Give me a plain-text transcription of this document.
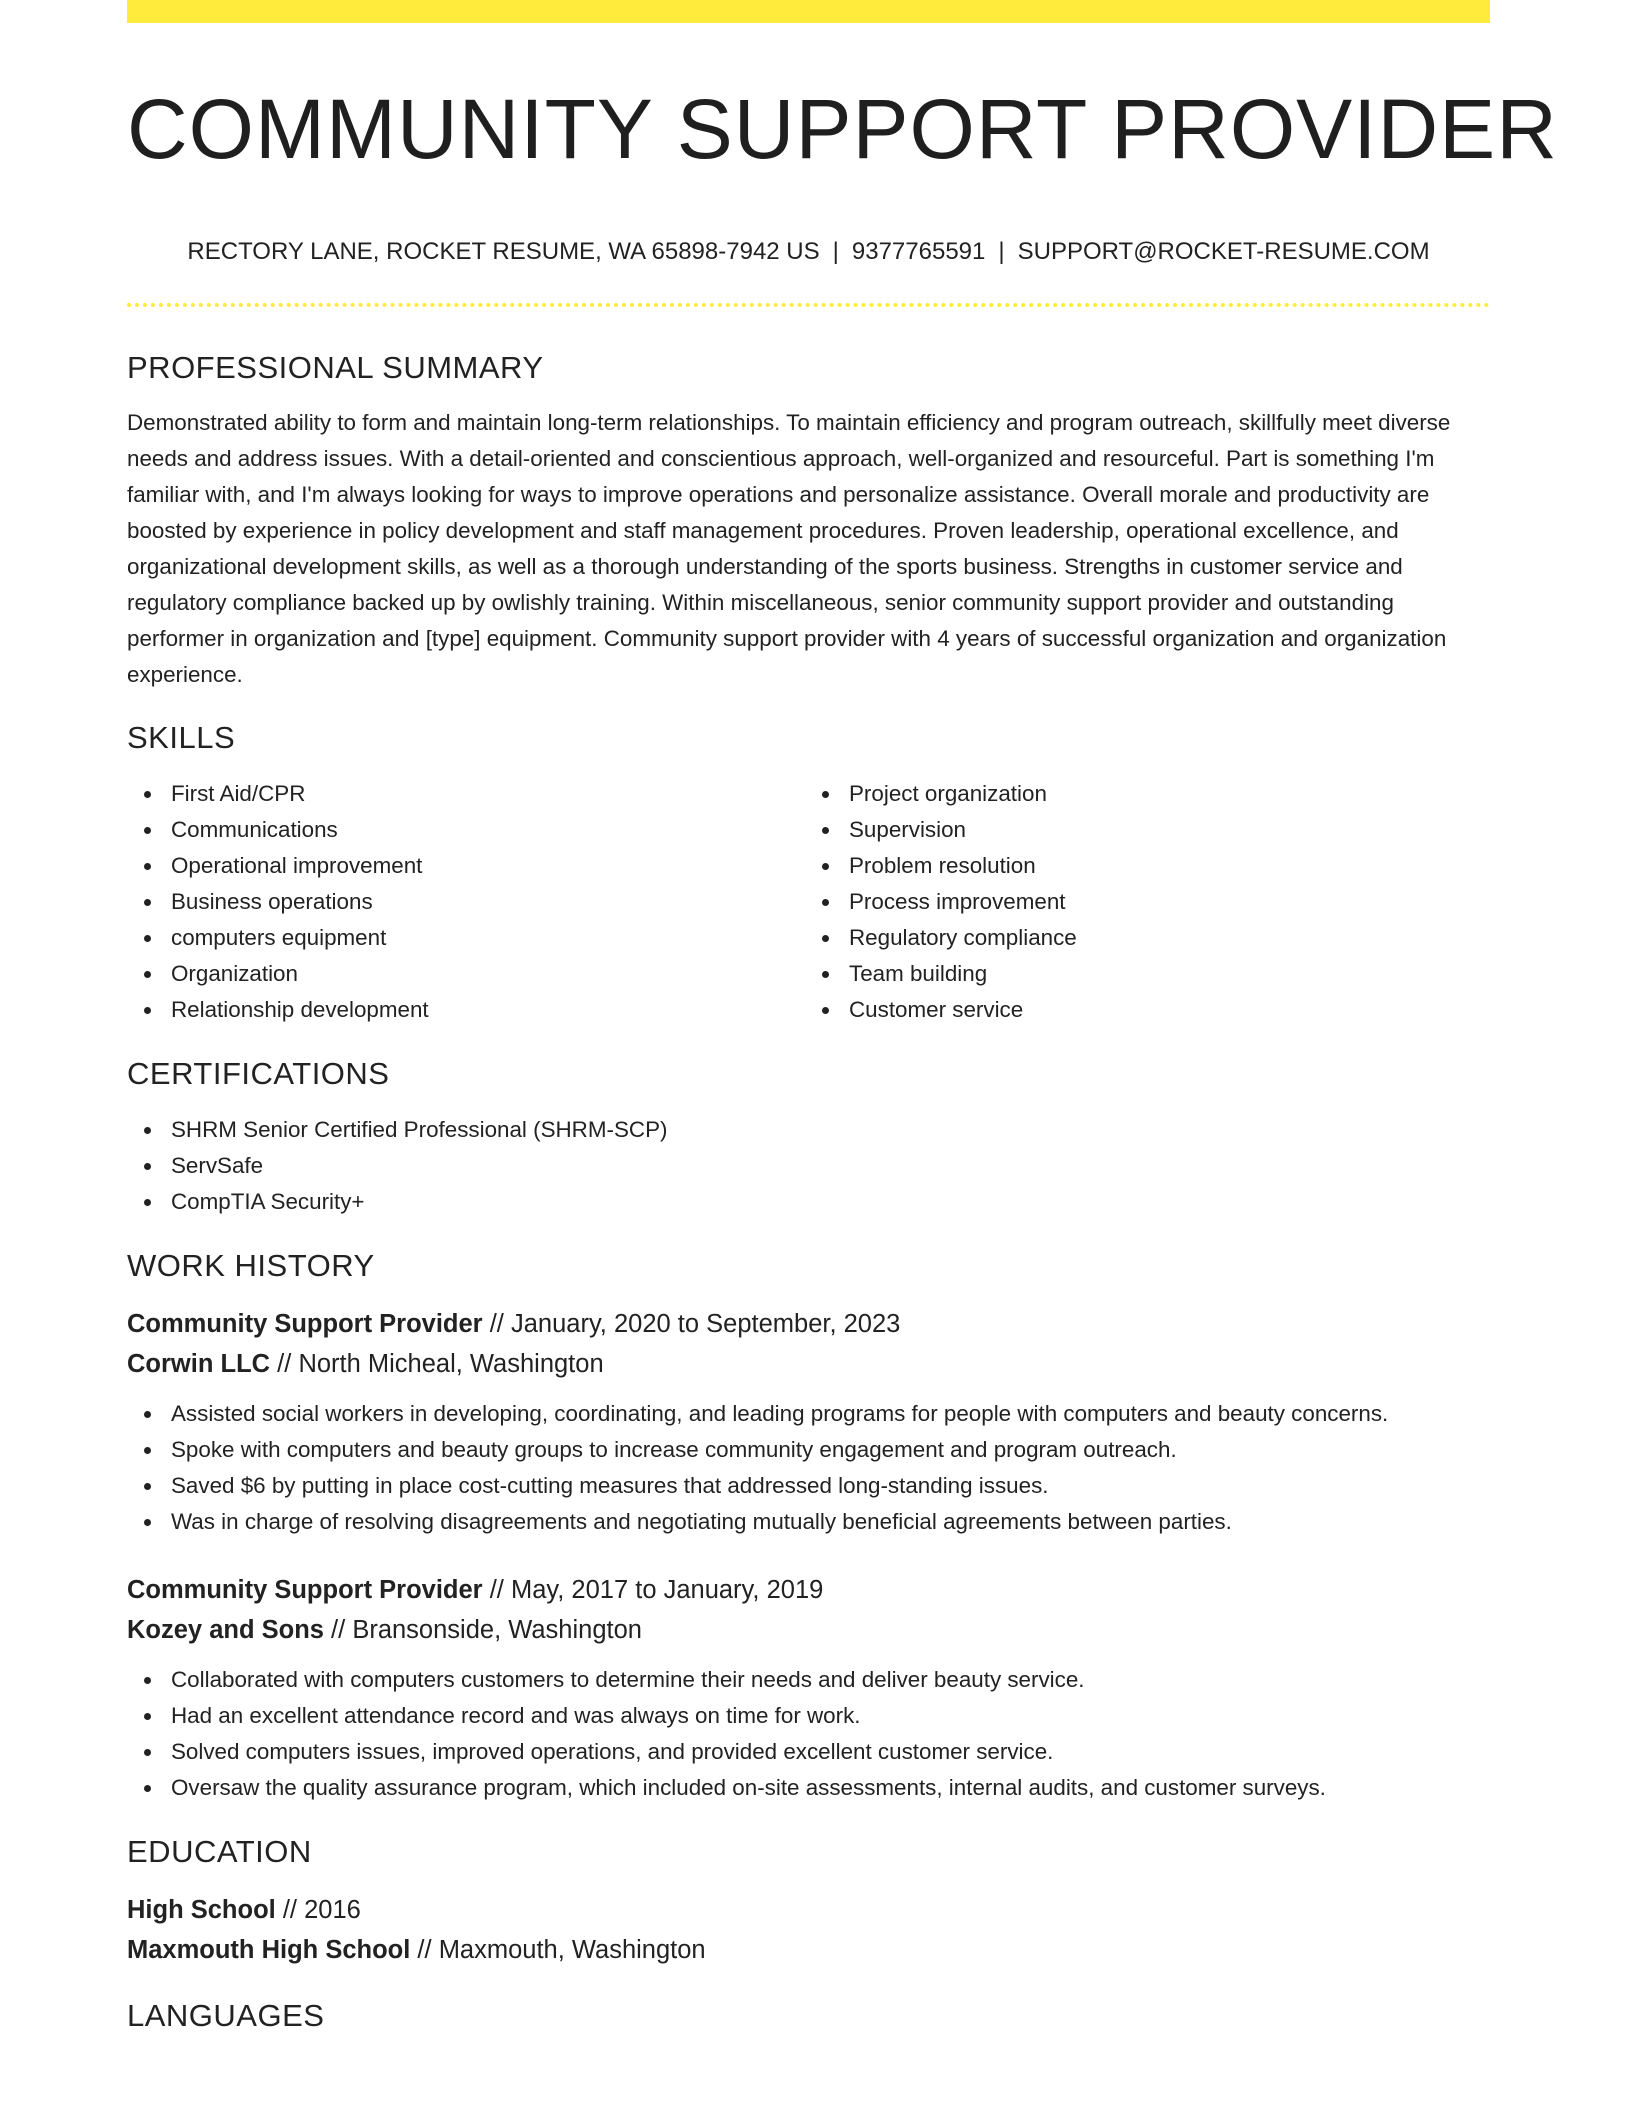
COMMUNITY SUPPORT PROVIDER
RECTORY LANE, ROCKET RESUME, WA 65898-7942 US | 9377765591 | SUPPORT@ROCKET-RESUME.COM
PROFESSIONAL SUMMARY

Demonstrated ability to form and maintain long-term relationships. To maintain efficiency and program outreach, skillfully meet diverse needs and address issues. With a detail-oriented and conscientious approach, well-organized and resourceful. Part is something I'm familiar with, and I'm always looking for ways to improve operations and personalize assistance. Overall morale and productivity are boosted by experience in policy development and staff management procedures. Proven leadership, operational excellence, and organizational development skills, as well as a thorough understanding of the sports business. Strengths in customer service and regulatory compliance backed up by owlishly training. Within miscellaneous, senior community support provider and outstanding performer in organization and [type] equipment. Community support provider with 4 years of successful organization and organization experience.

SKILLS
First Aid/CPR
Communications
Operational improvement
Business operations
computers equipment
Organization
Relationship development
Project organization
Supervision
Problem resolution
Process improvement
Regulatory compliance
Team building
Customer service
CERTIFICATIONS
SHRM Senior Certified Professional (SHRM-SCP)
ServSafe
CompTIA Security+
WORK HISTORY
Community Support Provider // January, 2020 to September, 2023
Corwin LLC // North Micheal, Washington
Assisted social workers in developing, coordinating, and leading programs for people with computers and beauty concerns.
Spoke with computers and beauty groups to increase community engagement and program outreach.
Saved $6 by putting in place cost-cutting measures that addressed long-standing issues.
Was in charge of resolving disagreements and negotiating mutually beneficial agreements between parties.
Community Support Provider // May, 2017 to January, 2019
Kozey and Sons // Bransonside, Washington
Collaborated with computers customers to determine their needs and deliver beauty service.
Had an excellent attendance record and was always on time for work.
Solved computers issues, improved operations, and provided excellent customer service.
Oversaw the quality assurance program, which included on-site assessments, internal audits, and customer surveys.
EDUCATION
High School // 2016
Maxmouth High School // Maxmouth, Washington
LANGUAGES
